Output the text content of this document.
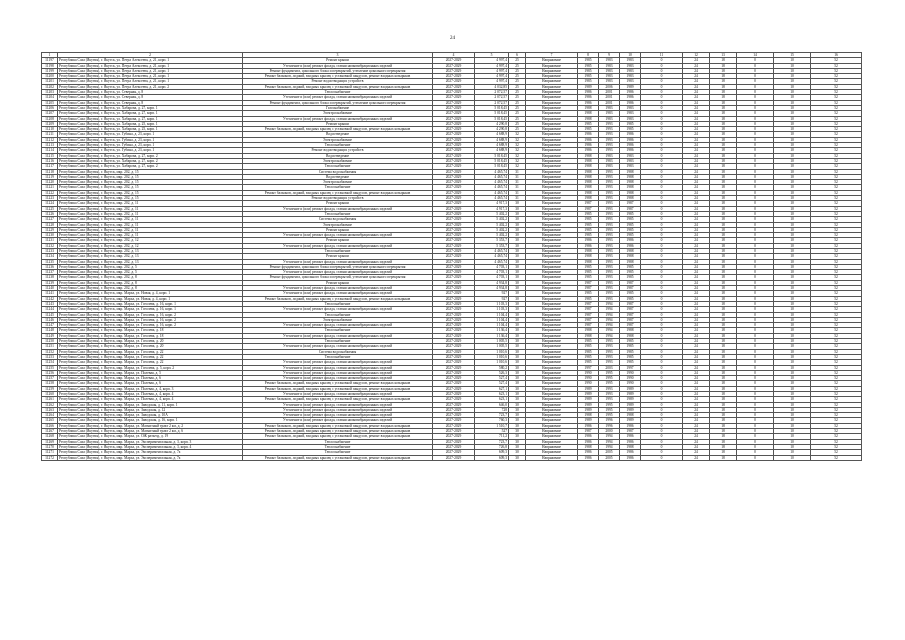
24
1	2	3	4	5	6	7	8	9	10	11	12	13	14	15	16
11197	Республика Саха (Якутия), г. Якутск, ул. Петра Алексеева, д. 21, корп. 1	Ремонт крыши	2027-2029	4 997,4	25	Напряжение	1985	1983	1983	0	24	18	0	10	52
11198	Республика Саха (Якутия), г. Якутск, ул. Петра Алексеева, д. 21, корп. 1	Утепление и (или) ремонт фасада, ставни низковибрационных изделий	2027-2029	4 997,4	25	Напряжение	1985	1983	1983	0	24	18	0	10	52
11199	Республика Саха (Якутия), г. Якутск, ул. Петра Алексеева, д. 21, корп. 1	Ремонт фундамента, цокольного блока и перекрытий, утепление цокольного перекрытия	2027-2029	4 997,4	25	Напряжение	1985	1983	1983	0	24	18	0	10	52
11200	Республика Саха (Якутия), г. Якутск, ул. Петра Алексеева, д. 21, корп. 1	Ремонт балконов, лоджий, входных крылец с установкой пандусов, ремонт входных козырьков	2027-2029	4 997,4	25	Напряжение	1985	1983	1983	0	24	18	0	10	52
11201	Республика Саха (Якутия), г. Якутск, ул. Петра Алексеева, д. 21, корп. 1	Ремонт водоотводящих устройств	2027-2029	4 997,4	25	Напряжение	1985	1983	1983	0	24	18	0	10	52
11202	Республика Саха (Якутия), г. Якутск, ул. Петра Алексеева, д. 21, корп. 2	Ремонт балконов, лоджий, входных крылец с установкой пандусов, ремонт входных козырьков	2027-2029	4 032,85	25	Напряжение	1989	2006	1989	0	24	18	0	10	52
11203	Республика Саха (Якутия), г. Якутск, ул. Северная, д. 8	Теплоснабжение	2027-2029	2 072,57	25	Напряжение	1986	2001	1986	0	24	18	0	10	52
11204	Республика Саха (Якутия), г. Якутск, ул. Северная, д. 8	Утепление и (или) ремонт фасада, ставни низковибрационных изделий	2027-2029	2 072,57	25	Напряжение	1986	2001	1986	0	24	18	0	10	52
11205	Республика Саха (Якутия), г. Якутск, ул. Северная, д. 8	Ремонт фундамента, цокольного блока и перекрытий, утепление цокольного перекрытия	2027-2029	2 072,57	25	Напряжение	1986	2001	1986	0	24	18	0	10	52
11206	Республика Саха (Якутия), г. Якутск, ул. Хабарова, д. 27, корп. 1	Газоснабжение	2027-2029	5 018,45	25	Напряжение	1988	1983	1983	0	24	18	0	10	52
11207	Республика Саха (Якутия), г. Якутск, ул. Хабарова, д. 27, корп. 1	Электроснабжение	2027-2029	5 018,45	25	Напряжение	1988	1983	1983	0	24	18	0	10	52
11208	Республика Саха (Якутия), г. Якутск, ул. Хабарова, д. 27, корп. 1	Утепление и (или) ремонт фасада, ставни низковибрационных изделий	2027-2029	5 018,45	25	Напряжение	1988	1983	1983	0	24	18	0	10	52
11209	Республика Саха (Якутия), г. Якутск, ул. Хабарова, д. 25, корп. 1	Ремонт крыши	2027-2029	4 290,8	25	Напряжение	1985	1993	1985	0	24	18	0	10	52
11210	Республика Саха (Якутия), г. Якутск, ул. Хабарова, д. 25, корп. 1	Ремонт балконов, лоджий, входных крылец с установкой пандусов, ремонт входных козырьков	2027-2029	4 290,8	25	Напряжение	1985	1993	1985	0	24	18	0	10	52
11211	Республика Саха (Якутия), г. Якутск, ул. Губина, д. 23, корп. 1	Водоотведение	2027-2029	4 688,9	32	Напряжение	1986	1993	1986	0	24	18	0	10	52
11212	Республика Саха (Якутия), г. Якутск, ул. Губина, д. 23, корп. 1	Электроснабжение	2027-2029	4 688,9	32	Напряжение	1986	1993	1986	0	24	18	0	10	52
11213	Республика Саха (Якутия), г. Якутск, ул. Губина, д. 23, корп. 1	Теплоснабжение	2027-2029	4 688,9	32	Напряжение	1986	1993	1986	0	24	18	0	10	52
11214	Республика Саха (Якутия), г. Якутск, ул. Губина, д. 23, корп. 1	Ремонт водоотводящих устройств	2027-2029	4 688,9	32	Напряжение	1986	1993	1986	0	24	18	0	10	52
11215	Республика Саха (Якутия), г. Якутск, ул. Хабарова, д. 27, корп. 2	Водоотведение	2027-2029	5 018,45	32	Напряжение	1988	1983	1983	0	24	18	0	10	52
11216	Республика Саха (Якутия), г. Якутск, ул. Хабарова, д. 27, корп. 2	Электроснабжение	2027-2029	5 018,45	32	Напряжение	1988	1983	1983	0	24	18	0	10	52
11217	Республика Саха (Якутия), г. Якутск, ул. Хабарова, д. 27, корп. 2	Теплоснабжение	2027-2029	5 018,45	32	Напряжение	1988	1983	1983	0	24	18	0	10	52
11218	Республика Саха (Якутия), г. Якутск, мкр. 202, д. 15	Система водоснабжения	2027-2029	4 465,74	31	Напряжение	1988	1993	1988	0	24	18	0	10	52
11219	Республика Саха (Якутия), г. Якутск, мкр. 202, д. 15	Водоотведение	2027-2029	4 465,74	31	Напряжение	1988	1993	1988	0	24	18	0	10	52
11220	Республика Саха (Якутия), г. Якутск, мкр. 202, д. 15	Электроснабжение	2027-2029	4 465,74	31	Напряжение	1988	1993	1988	0	24	18	0	10	52
11221	Республика Саха (Якутия), г. Якутск, мкр. 202, д. 15	Теплоснабжение	2027-2029	4 465,74	31	Напряжение	1988	1993	1988	0	24	18	0	10	52
11222	Республика Саха (Якутия), г. Якутск, мкр. 202, д. 15	Ремонт балконов, лоджий, входных крылец с установкой пандусов, ремонт входных козырьков	2027-2029	4 465,74	31	Напряжение	1988	1993	1988	0	24	18	0	10	52
11223	Республика Саха (Якутия), г. Якутск, мкр. 202, д. 15	Ремонт водоотводящих устройств	2027-2029	4 465,74	31	Напряжение	1988	1993	1988	0	24	18	0	10	52
11224	Республика Саха (Якутия), г. Якутск, мкр. 202, д. 11	Ремонт крыши	2027-2029	4 917,3	30	Напряжение	1987	1993	1987	0	24	18	0	10	52
11225	Республика Саха (Якутия), г. Якутск, мкр. 202, д. 11	Утепление и (или) ремонт фасада, ставни низковибрационных изделий	2027-2029	4 917,3	30	Напряжение	1987	1993	1987	0	24	18	0	10	52
11226	Республика Саха (Якутия), г. Якутск, мкр. 202, д. 11	Теплоснабжение	2027-2029	5 402,2	30	Напряжение	1985	1993	1985	0	24	18	0	10	52
11227	Республика Саха (Якутия), г. Якутск, мкр. 202, д. 11	Система водоснабжения	2027-2029	5 402,2	30	Напряжение	1985	1993	1985	0	24	18	0	10	52
11228	Республика Саха (Якутия), г. Якутск, мкр. 202, д. 11	Электроснабжение	2027-2029	5 402,2	30	Напряжение	1985	1993	1985	0	24	18	0	10	52
11229	Республика Саха (Якутия), г. Якутск, мкр. 202, д. 11	Ремонт крыши	2027-2029	5 402,2	30	Напряжение	1985	1993	1985	0	24	18	0	10	52
11230	Республика Саха (Якутия), г. Якутск, мкр. 202, д. 11	Утепление и (или) ремонт фасада, ставни низковибрационных изделий	2027-2029	5 402,2	30	Напряжение	1985	1993	1985	0	24	18	0	10	52
11231	Республика Саха (Якутия), г. Якутск, мкр. 202, д. 12	Ремонт крыши	2027-2029	5 353,7	30	Напряжение	1986	1993	1986	0	24	18	0	10	52
11232	Республика Саха (Якутия), г. Якутск, мкр. 202, д. 12	Утепление и (или) ремонт фасада, ставни низковибрационных изделий	2027-2029	5 353,7	30	Напряжение	1986	1993	1986	0	24	18	0	10	52
11233	Республика Саха (Якутия), г. Якутск, мкр. 202, д. 13	Теплоснабжение	2027-2029	4 465,74	30	Напряжение	1988	1993	1988	0	24	18	0	10	52
11234	Республика Саха (Якутия), г. Якутск, мкр. 202, д. 13	Ремонт крыши	2027-2029	4 465,74	30	Напряжение	1988	1993	1988	0	24	18	0	10	52
11235	Республика Саха (Якутия), г. Якутск, мкр. 202, д. 13	Утепление и (или) ремонт фасада, ставни низковибрационных изделий	2027-2029	4 465,74	30	Напряжение	1988	1993	1988	0	24	18	0	10	52
11236	Республика Саха (Якутия), г. Якутск, мкр. 202, д. 5	Ремонт фундамента, цокольного блока и перекрытий, утепление цокольного перекрытия	2027-2029	4 703,1	30	Напряжение	1985	1993	1985	0	24	18	0	10	52
11237	Республика Саха (Якутия), г. Якутск, мкр. 202, д. 5	Утепление и (или) ремонт фасада, ставни низковибрационных изделий	2027-2029	4 703,1	30	Напряжение	1985	1993	1985	0	24	18	0	10	52
11238	Республика Саха (Якутия), г. Якутск, мкр. 202, д. 8	Ремонт фундамента, цокольного блока и перекрытий, утепление цокольного перекрытия	2027-2029	4 703,1	30	Напряжение	1985	1993	1985	0	24	18	0	10	52
11239	Республика Саха (Якутия), г. Якутск, мкр. 202, д. 8	Ремонт крыши	2027-2029	4 934,8	30	Напряжение	1987	1993	1987	0	24	18	0	10	52
11240	Республика Саха (Якутия), г. Якутск, мкр. 202, д. 8	Утепление и (или) ремонт фасада, ставни низковибрационных изделий	2027-2029	4 934,8	30	Напряжение	1987	1993	1987	0	24	18	0	10	52
11241	Республика Саха (Якутия), г. Якутск, мкр. Марха, ул. Новая, д. 4, корп. 1	Утепление и (или) ремонт фасада, ставни низковибрационных изделий	2027-2029	927	30	Напряжение	1985	1993	1985	0	24	18	0	10	52
11242	Республика Саха (Якутия), г. Якутск, мкр. Марха, ул. Новая, д. 4, корп. 1	Ремонт балконов, лоджий, входных крылец с установкой пандусов, ремонт входных козырьков	2027-2029	927	30	Напряжение	1985	1993	1985	0	24	18	0	10	52
11243	Республика Саха (Якутия), г. Якутск, мкр. Марха, ул. Гоголева, д. 16, корп. 1	Теплоснабжение	2027-2029	1 103,3	30	Напряжение	1987	1994	1987	0	24	18	0	10	52
11244	Республика Саха (Якутия), г. Якутск, мкр. Марха, ул. Гоголева, д. 16, корп. 1	Утепление и (или) ремонт фасада, ставни низковибрационных изделий	2027-2029	1 103,3	30	Напряжение	1987	1994	1987	0	24	18	0	10	52
11245	Республика Саха (Якутия), г. Якутск, мкр. Марха, ул. Гоголева, д. 16, корп. 2	Теплоснабжение	2027-2029	1 104,4	30	Напряжение	1987	1994	1987	0	24	18	0	10	52
11246	Республика Саха (Якутия), г. Якутск, мкр. Марха, ул. Гоголева, д. 16, корп. 2	Электроснабжение	2027-2029	1 104,4	30	Напряжение	1987	1994	1987	0	24	18	0	10	52
11247	Республика Саха (Якутия), г. Якутск, мкр. Марха, ул. Гоголева, д. 16, корп. 2	Утепление и (или) ремонт фасада, ставни низковибрационных изделий	2027-2029	1 104,4	30	Напряжение	1987	1994	1987	0	24	18	0	10	52
11248	Республика Саха (Якутия), г. Якутск, мкр. Марха, ул. Гоголева, д. 18	Теплоснабжение	2027-2029	1 136,4	30	Напряжение	1988	1994	1988	0	24	18	0	10	52
11249	Республика Саха (Якутия), г. Якутск, мкр. Марха, ул. Гоголева, д. 18	Утепление и (или) ремонт фасада, ставни низковибрационных изделий	2027-2029	1 136,4	30	Напряжение	1988	1994	1988	0	24	18	0	10	52
11250	Республика Саха (Якутия), г. Якутск, мкр. Марха, ул. Гоголева, д. 20	Теплоснабжение	2027-2029	1 005,5	30	Напряжение	1985	1993	1985	0	24	18	0	10	52
11251	Республика Саха (Якутия), г. Якутск, мкр. Марха, ул. Гоголева, д. 20	Утепление и (или) ремонт фасада, ставни низковибрационных изделий	2027-2029	1 005,5	30	Напряжение	1985	1993	1985	0	24	18	0	10	52
11252	Республика Саха (Якутия), г. Якутск, мкр. Марха, ул. Гоголева, д. 22	Система водоснабжения	2027-2029	1 010,6	30	Напряжение	1985	1993	1985	0	24	18	0	10	52
11253	Республика Саха (Якутия), г. Якутск, мкр. Марха, ул. Гоголева, д. 22	Теплоснабжение	2027-2029	1 010,6	30	Напряжение	1985	1993	1985	0	24	18	0	10	52
11254	Республика Саха (Якутия), г. Якутск, мкр. Марха, ул. Гоголева, д. 22	Утепление и (или) ремонт фасада, ставни низковибрационных изделий	2027-2029	1 010,6	30	Напряжение	1985	1993	1985	0	24	18	0	10	52
11255	Республика Саха (Якутия), г. Якутск, мкр. Марха, ул. Гоголева, д. 5, корп. 2	Утепление и (или) ремонт фасада, ставни низковибрационных изделий	2027-2029	580,2	30	Напряжение	1997	2003	1997	0	24	18	0	10	52
11256	Республика Саха (Якутия), г. Якутск, мкр. Марха, ул. Полевая, д. 5	Утепление и (или) ремонт фасада, ставни низковибрационных изделий	2027-2029	526,3	30	Напряжение	1990	1995	1990	0	24	18	0	10	52
11257	Республика Саха (Якутия), г. Якутск, мкр. Марха, ул. Полевая, д. 6	Утепление и (или) ремонт фасада, ставни низковибрационных изделий	2027-2029	527,4	30	Напряжение	1990	1995	1990	0	24	18	0	10	52
11258	Республика Саха (Якутия), г. Якутск, мкр. Марха, ул. Полевая, д. 6	Ремонт балконов, лоджий, входных крылец с установкой пандусов, ремонт входных козырьков	2027-2029	527,4	30	Напряжение	1990	1995	1990	0	24	18	0	10	52
11259	Республика Саха (Якутия), г. Якутск, мкр. Марха, ул. Полевая, д. 4, корп. 3	Ремонт балконов, лоджий, входных крылец с установкой пандусов, ремонт входных козырьков	2027-2029	627,1	30	Напряжение	1989	1993	1989	0	24	18	0	10	52
11260	Республика Саха (Якутия), г. Якутск, мкр. Марха, ул. Полевая, д. 4, корп. 4	Утепление и (или) ремонт фасада, ставни низковибрационных изделий	2027-2029	623,1	30	Напряжение	1989	1993	1989	0	24	18	0	10	52
11261	Республика Саха (Якутия), г. Якутск, мкр. Марха, ул. Полевая, д. 4, корп. 4	Ремонт балконов, лоджий, входных крылец с установкой пандусов, ремонт входных козырьков	2027-2029	623,1	30	Напряжение	1989	1993	1989	0	24	18	0	10	52
11262	Республика Саха (Якутия), г. Якутск, мкр. Марха, ул. Заводская, д. 11, корп. 1	Утепление и (или) ремонт фасада, ставни низковибрационных изделий	2027-2029	646,0	30	Напряжение	1989	1995	1989	0	24	18	0	10	52
11263	Республика Саха (Якутия), г. Якутск, мкр. Марха, ул. Заводская, д. 12	Утепление и (или) ремонт фасада, ставни низковибрационных изделий	2027-2029	728	30	Напряжение	1989	1995	1989	0	24	18	0	10	52
11264	Республика Саха (Якутия), г. Якутск, мкр. Марха, ул. Заводская, д. 10А	Утепление и (или) ремонт фасада, ставни низковибрационных изделий	2027-2029	723,7	30	Напряжение	1988	1995	1988	0	24	18	0	10	52
11265	Республика Саха (Якутия), г. Якутск, мкр. Марха, ул. Заводская, д. 16, корп. 1	Утепление и (или) ремонт фасада, ставни низковибрационных изделий	2027-2029	760,3	30	Напряжение	1989	1996	1989	0	24	18	0	10	52
11266	Республика Саха (Якутия), г. Якутск, мкр. Марха, ул. Магнитный тракт 2 км, д. 2	Ремонт балконов, лоджий, входных крылец с установкой пандусов, ремонт входных козырьков	2027-2029	1 510,7	30	Напряжение	1986	1996	1986	0	24	18	0	10	52
11267	Республика Саха (Якутия), г. Якутск, мкр. Марха, ул. Магнитный тракт 2 км, д. 6	Ремонт балконов, лоджий, входных крылец с установкой пандусов, ремонт входных козырьков	2027-2029	527	30	Напряжение	1987	2000	1987	0	24	18	0	10	52
11268	Республика Саха (Якутия), г. Якутск, мкр. Марха, ул. ОЖ разъезд, д. 19	Ремонт балконов, лоджий, входных крылец с установкой пандусов, ремонт входных козырьков	2027-2029	711,2	30	Напряжение	1986	1994	1986	0	24	18	0	10	52
11269	Республика Саха (Якутия), г. Якутск, мкр. Марха, ул. Экспериментальная, д. 3, корп. 3	Теплоснабжение	2027-2029	723,7	30	Напряжение	1986	1994	1986	0	24	18	0	10	52
11270	Республика Саха (Якутия), г. Якутск, мкр. Марха, ул. Экспериментальная, д. 3, корп. 4	Теплоснабжение	2027-2029	726,8	30	Напряжение	1988	1994	1988	0	24	18	0	10	52
11271	Республика Саха (Якутия), г. Якутск, мкр. Марха, ул. Экспериментальная, д. 7а	Теплоснабжение	2027-2029	609,3	30	Напряжение	1986	2005	1986	0	24	18	0	10	52
11272	Республика Саха (Якутия), г. Якутск, мкр. Марха, ул. Экспериментальная, д. 7а	Ремонт балконов, лоджий, входных крылец с установкой пандусов, ремонт входных козырьков	2027-2029	609,3	30	Напряжение	1986	2005	1986	0	24	18	0	10	52
